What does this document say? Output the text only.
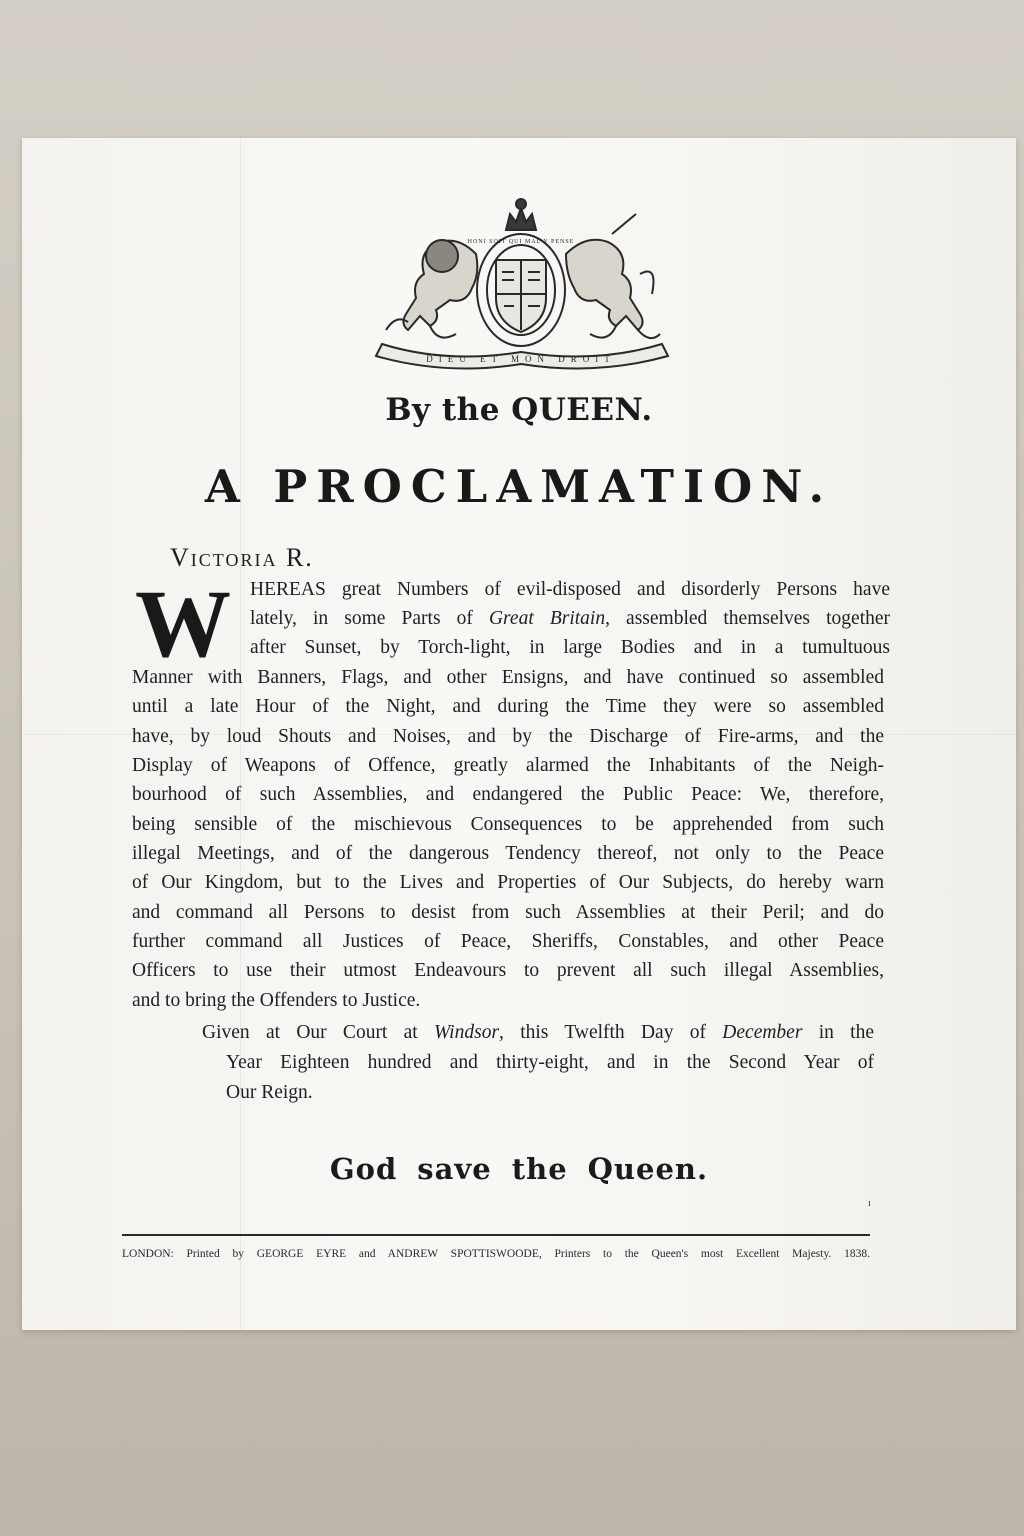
DIEU ET MON DROIT
HONI SOIT QUI MAL Y PENSE
By the QUEEN.
A PROCLAMATION.
Victoria R.
W HEREAS great Numbers of evil-disposed and disorderly Persons have
lately, in some Parts of Great Britain, assembled themselves together
after Sunset, by Torch-light, in large Bodies and in a tumultuous
Manner with Banners, Flags, and other Ensigns, and have continued so assembled
until a late Hour of the Night, and during the Time they were so assembled
have, by loud Shouts and Noises, and by the Discharge of Fire-arms, and the
Display of Weapons of Offence, greatly alarmed the Inhabitants of the Neigh-
bourhood of such Assemblies, and endangered the Public Peace: We, therefore,
being sensible of the mischievous Consequences to be apprehended from such
illegal Meetings, and of the dangerous Tendency thereof, not only to the Peace
of Our Kingdom, but to the Lives and Properties of Our Subjects, do hereby warn
and command all Persons to desist from such Assemblies at their Peril; and do
further command all Justices of Peace, Sheriffs, Constables, and other Peace
Officers to use their utmost Endeavours to prevent all such illegal Assemblies,
and to bring the Offenders to Justice.
Given at Our Court at Windsor, this Twelfth Day of December in the
Year Eighteen hundred and thirty-eight, and in the Second Year of
Our Reign.
God save the Queen.
ı
LONDON: Printed by GEORGE EYRE and ANDREW SPOTTISWOODE, Printers to the Queen's most Excellent Majesty. 1838.
